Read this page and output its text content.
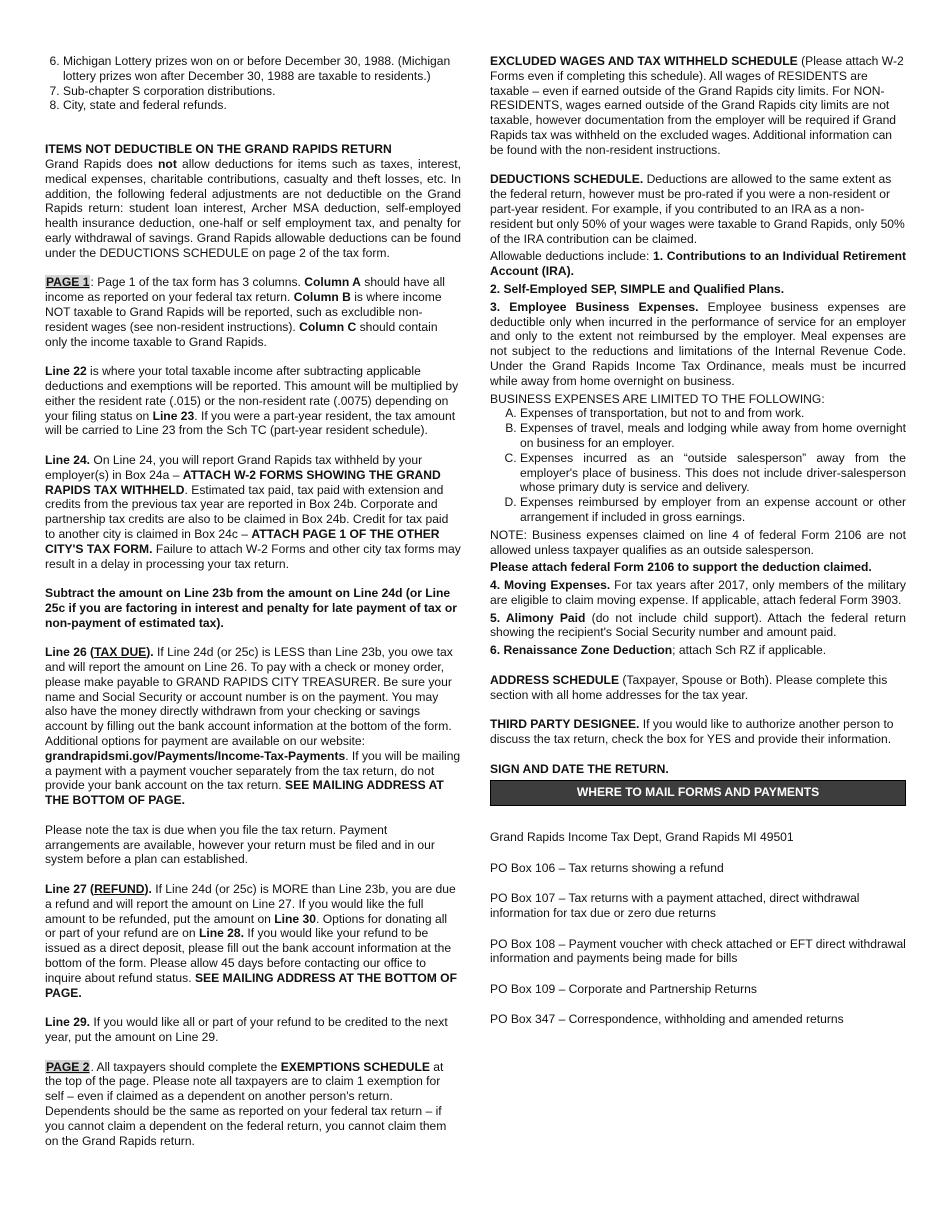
6. Michigan Lottery prizes won on or before December 30, 1988. (Michigan lottery prizes won after December 30, 1988 are taxable to residents.)
7. Sub-chapter S corporation distributions.
8. City, state and federal refunds.

ITEMS NOT DEDUCTIBLE ON THE GRAND RAPIDS RETURN

Grand Rapids does not allow deductions for items such as taxes, interest, medical expenses, charitable contributions, casualty and theft losses, etc. In addition, the following federal adjustments are not deductible on the Grand Rapids return: student loan interest, Archer MSA deduction, self-employed health insurance deduction, one-half or self employment tax, and penalty for early withdrawal of savings. Grand Rapids allowable deductions can be found under the DEDUCTIONS SCHEDULE on page 2 of the tax form.

PAGE 1: Page 1 of the tax form has 3 columns. Column A should have all income as reported on your federal tax return. Column B is where income NOT taxable to Grand Rapids will be reported, such as excludible non-resident wages (see non-resident instructions). Column C should contain only the income taxable to Grand Rapids.

Line 22 is where your total taxable income after subtracting applicable deductions and exemptions will be reported. This amount will be multiplied by either the resident rate (.015) or the non-resident rate (.0075) depending on your filing status on Line 23. If you were a part-year resident, the tax amount will be carried to Line 23 from the Sch TC (part-year resident schedule).

Line 24. On Line 24, you will report Grand Rapids tax withheld by your employer(s) in Box 24a – ATTACH W-2 FORMS SHOWING THE GRAND RAPIDS TAX WITHHELD. Estimated tax paid, tax paid with extension and credits from the previous tax year are reported in Box 24b. Corporate and partnership tax credits are also to be claimed in Box 24b. Credit for tax paid to another city is claimed in Box 24c – ATTACH PAGE 1 OF THE OTHER CITY'S TAX FORM. Failure to attach W-2 Forms and other city tax forms may result in a delay in processing your tax return.

Subtract the amount on Line 23b from the amount on Line 24d (or Line 25c if you are factoring in interest and penalty for late payment of tax or non-payment of estimated tax).

Line 26 (TAX DUE). If Line 24d (or 25c) is LESS than Line 23b, you owe tax and will report the amount on Line 26. To pay with a check or money order, please make payable to GRAND RAPIDS CITY TREASURER. Be sure your name and Social Security or account number is on the payment. You may also have the money directly withdrawn from your checking or savings account by filling out the bank account information at the bottom of the form. Additional options for payment are available on our website: grandrapidsmi.gov/Payments/Income-Tax-Payments. If you will be mailing a payment with a payment voucher separately from the tax return, do not provide your bank account on the tax return. SEE MAILING ADDRESS AT THE BOTTOM OF PAGE.

Please note the tax is due when you file the tax return. Payment arrangements are available, however your return must be filed and in our system before a plan can established.

Line 27 (REFUND). If Line 24d (or 25c) is MORE than Line 23b, you are due a refund and will report the amount on Line 27. If you would like the full amount to be refunded, put the amount on Line 30. Options for donating all or part of your refund are on Line 28. If you would like your refund to be issued as a direct deposit, please fill out the bank account information at the bottom of the form. Please allow 45 days before contacting our office to inquire about refund status. SEE MAILING ADDRESS AT THE BOTTOM OF PAGE.

Line 29. If you would like all or part of your refund to be credited to the next year, put the amount on Line 29.

PAGE 2. All taxpayers should complete the EXEMPTIONS SCHEDULE at the top of the page. Please note all taxpayers are to claim 1 exemption for self – even if claimed as a dependent on another person's return. Dependents should be the same as reported on your federal tax return – if you cannot claim a dependent on the federal return, you cannot claim them on the Grand Rapids return.

EXCLUDED WAGES AND TAX WITHHELD SCHEDULE (Please attach W-2 Forms even if completing this schedule). All wages of RESIDENTS are taxable – even if earned outside of the Grand Rapids city limits. For NON-RESIDENTS, wages earned outside of the Grand Rapids city limits are not taxable, however documentation from the employer will be required if Grand Rapids tax was withheld on the excluded wages. Additional information can be found with the non-resident instructions.

DEDUCTIONS SCHEDULE. Deductions are allowed to the same extent as the federal return, however must be pro-rated if you were a non-resident or part-year resident. For example, if you contributed to an IRA as a non-resident but only 50% of your wages were taxable to Grand Rapids, only 50% of the IRA contribution can be claimed.

Allowable deductions include: 1. Contributions to an Individual Retirement Account (IRA).

2. Self-Employed SEP, SIMPLE and Qualified Plans.

3. Employee Business Expenses. Employee business expenses are deductible only when incurred in the performance of service for an employer and only to the extent not reimbursed by the employer. Meal expenses are not subject to the reductions and limitations of the Internal Revenue Code. Under the Grand Rapids Income Tax Ordinance, meals must be incurred while away from home overnight on business.

BUSINESS EXPENSES ARE LIMITED TO THE FOLLOWING:

A. Expenses of transportation, but not to and from work.
B. Expenses of travel, meals and lodging while away from home overnight on business for an employer.
C. Expenses incurred as an “outside salesperson” away from the employer's place of business. This does not include driver-salesperson whose primary duty is service and delivery.
D. Expenses reimbursed by employer from an expense account or other arrangement if included in gross earnings.

NOTE: Business expenses claimed on line 4 of federal Form 2106 are not allowed unless taxpayer qualifies as an outside salesperson.

Please attach federal Form 2106 to support the deduction claimed.

4. Moving Expenses. For tax years after 2017, only members of the military are eligible to claim moving expense. If applicable, attach federal Form 3903.

5. Alimony Paid (do not include child support). Attach the federal return showing the recipient's Social Security number and amount paid.

6. Renaissance Zone Deduction; attach Sch RZ if applicable.

ADDRESS SCHEDULE (Taxpayer, Spouse or Both). Please complete this section with all home addresses for the tax year.

THIRD PARTY DESIGNEE. If you would like to authorize another person to discuss the tax return, check the box for YES and provide their information.

SIGN AND DATE THE RETURN.

WHERE TO MAIL FORMS AND PAYMENTS

Grand Rapids Income Tax Dept, Grand Rapids MI 49501

PO Box 106 – Tax returns showing a refund

PO Box 107 – Tax returns with a payment attached, direct withdrawal information for tax due or zero due returns

PO Box 108 – Payment voucher with check attached or EFT direct withdrawal information and payments being made for bills

PO Box 109 – Corporate and Partnership Returns

PO Box 347 – Correspondence, withholding and amended returns
